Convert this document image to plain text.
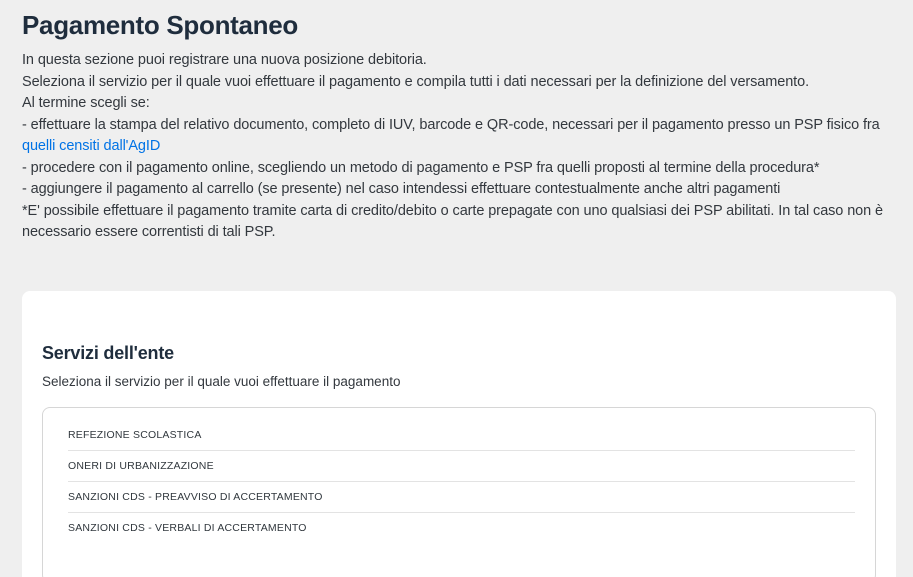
Pagamento Spontaneo

In questa sezione puoi registrare una nuova posizione debitoria.

Seleziona il servizio per il quale vuoi effettuare il pagamento e compila tutti i dati necessari per la definizione del versamento.

Al termine scegli se:

- effettuare la stampa del relativo documento, completo di IUV, barcode e QR-code, necessari per il pagamento presso un PSP fisico fra quelli censiti dall'AgID

- procedere con il pagamento online, scegliendo un metodo di pagamento e PSP fra quelli proposti al termine della procedura*

- aggiungere il pagamento al carrello (se presente) nel caso intendessi effettuare contestualmente anche altri pagamenti

*E' possibile effettuare il pagamento tramite carta di credito/debito o carte prepagate con uno qualsiasi dei PSP abilitati. In tal caso non è necessario essere correntisti di tali PSP.

Servizi dell'ente
Seleziona il servizio per il quale vuoi effettuare il pagamento
REFEZIONE SCOLASTICA
ONERI DI URBANIZZAZIONE
SANZIONI CDS - PREAVVISO DI ACCERTAMENTO
SANZIONI CDS - VERBALI DI ACCERTAMENTO
